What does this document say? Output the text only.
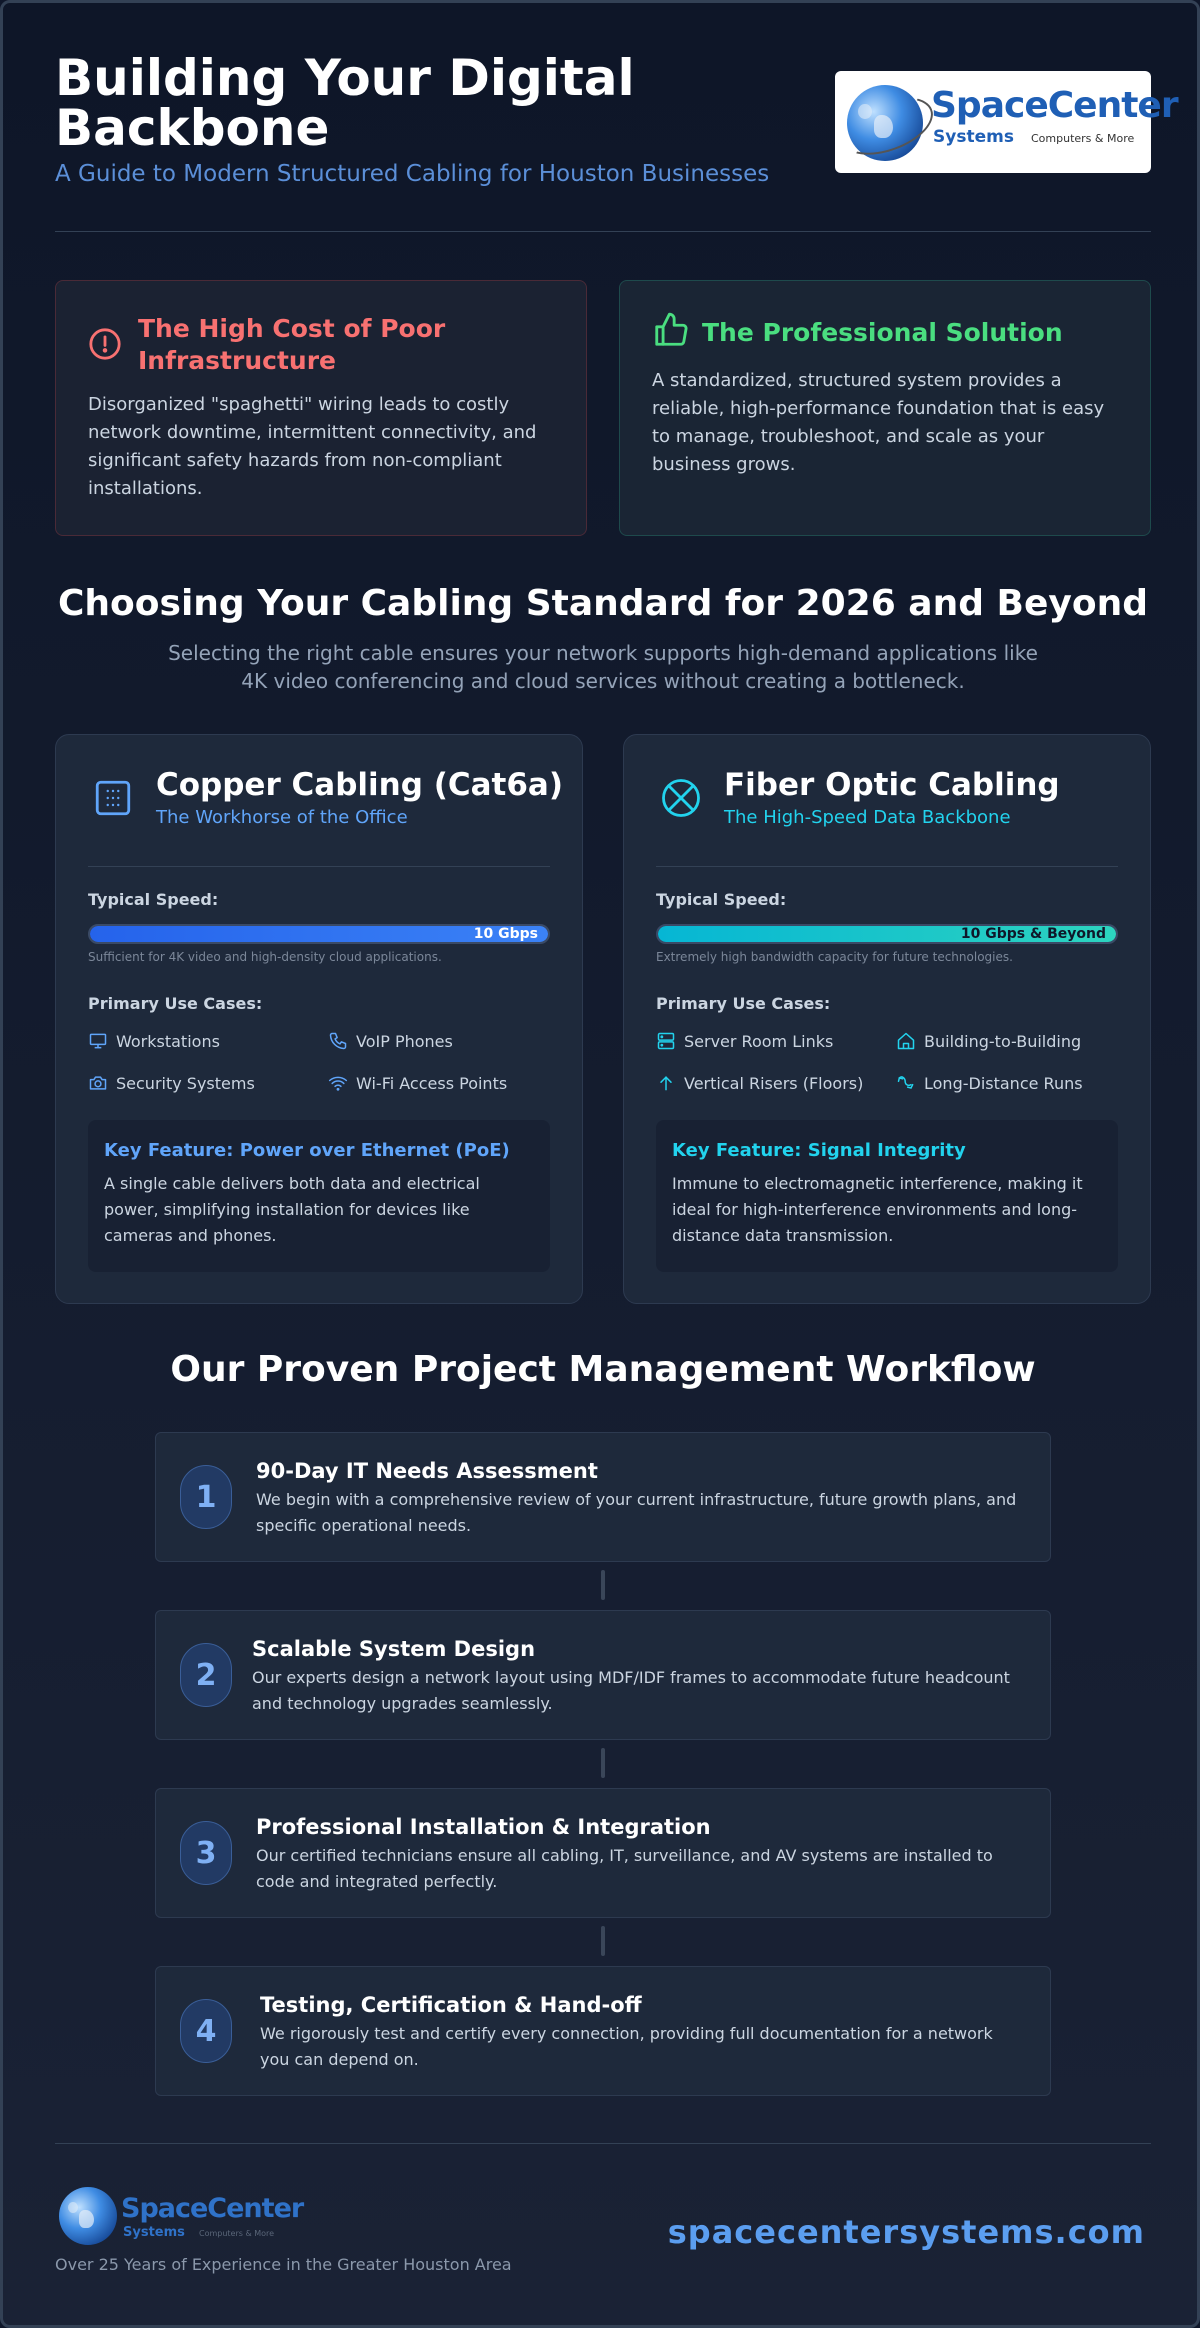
Building Your Digital Backbone
A Guide to Modern Structured Cabling for Houston Businesses
SpaceCenter
Systems Computers & More
The High Cost of Poor Infrastructure
Disorganized "spaghetti" wiring leads to costly network downtime, intermittent connectivity, and significant safety hazards from non-compliant installations.
The Professional Solution
A standardized, structured system provides a reliable, high-performance foundation that is easy to manage, troubleshoot, and scale as your business grows.
Choosing Your Cabling Standard for 2026 and Beyond
Selecting the right cable ensures your network supports high-demand applications like 4K video conferencing and cloud services without creating a bottleneck.
Copper Cabling (Cat6a)
The Workhorse of the Office
Typical Speed:
10 Gbps
Sufficient for 4K video and high-density cloud applications.
Primary Use Cases:
Workstations	VoIP Phones
Security Systems	Wi-Fi Access Points
Key Feature: Power over Ethernet (PoE)
A single cable delivers both data and electrical power, simplifying installation for devices like cameras and phones.
Fiber Optic Cabling
The High-Speed Data Backbone
Typical Speed:
10 Gbps & Beyond
Extremely high bandwidth capacity for future technologies.
Primary Use Cases:
Server Room Links	Building-to-Building
Vertical Risers (Floors)	Long-Distance Runs
Key Feature: Signal Integrity
Immune to electromagnetic interference, making it ideal for high-interference environments and long-distance data transmission.
Our Proven Project Management Workflow
1
90-Day IT Needs Assessment
We begin with a comprehensive review of your current infrastructure, future growth plans, and specific operational needs.
2
Scalable System Design
Our experts design a network layout using MDF/IDF frames to accommodate future headcount and technology upgrades seamlessly.
3
Professional Installation & Integration
Our certified technicians ensure all cabling, IT, surveillance, and AV systems are installed to code and integrated perfectly.
4
Testing, Certification & Hand-off
We rigorously test and certify every connection, providing full documentation for a network you can depend on.
SpaceCenter
Systems Computers & More
Over 25 Years of Experience in the Greater Houston Area
spacecentersystems.com
